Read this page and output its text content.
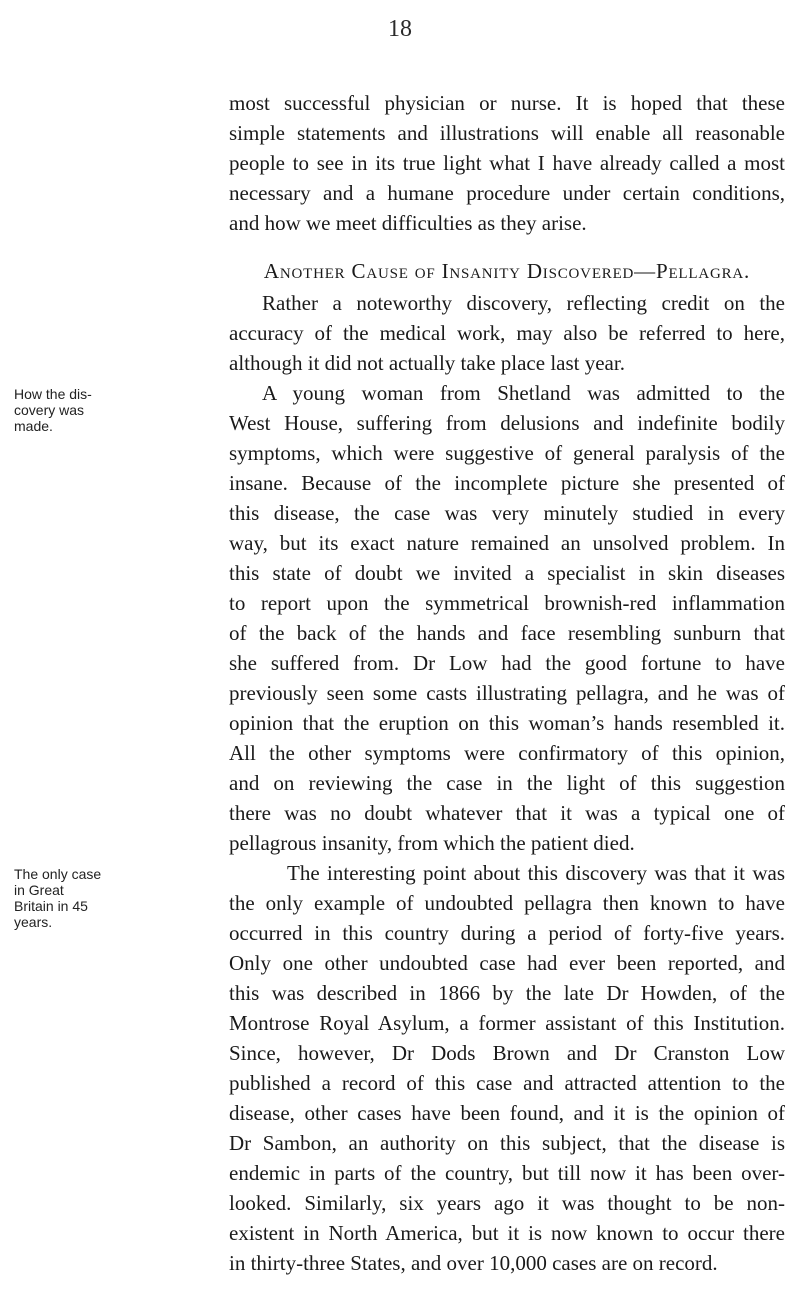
18
most successful physician or nurse. It is hoped that these
simple statements and illustrations will enable all reasonable
people to see in its true light what I have already called a most
necessary and a humane procedure under certain conditions,
and how we meet difficulties as they arise.
Another Cause of Insanity Discovered—Pellagra.
Rather a noteworthy discovery, reflecting credit on the
accuracy of the medical work, may also be referred to here,
although it did not actually take place last year.
A young woman from Shetland was admitted to the
West House, suffering from delusions and indefinite bodily
symptoms, which were suggestive of general paralysis of the
insane. Because of the incomplete picture she presented of
this disease, the case was very minutely studied in every
way, but its exact nature remained an unsolved problem. In
this state of doubt we invited a specialist in skin diseases
to report upon the symmetrical brownish-red inflammation
of the back of the hands and face resembling sunburn that
she suffered from. Dr Low had the good fortune to have
previously seen some casts illustrating pellagra, and he was of
opinion that the eruption on this woman’s hands resembled it.
All the other symptoms were confirmatory of this opinion,
and on reviewing the case in the light of this suggestion
there was no doubt whatever that it was a typical one of
pellagrous insanity, from which the patient died.
The interesting point about this discovery was that it was
the only example of undoubted pellagra then known to have
occurred in this country during a period of forty-five years.
Only one other undoubted case had ever been reported, and
this was described in 1866 by the late Dr Howden, of the
Montrose Royal Asylum, a former assistant of this Institution.
Since, however, Dr Dods Brown and Dr Cranston Low
published a record of this case and attracted attention to the
disease, other cases have been found, and it is the opinion of
Dr Sambon, an authority on this subject, that the disease is
endemic in parts of the country, but till now it has been over-
looked. Similarly, six years ago it was thought to be non-
existent in North America, but it is now known to occur there
in thirty-three States, and over 10,000 cases are on record.
How the dis-
covery was
made.
The only case
in Great
Britain in 45
years.
